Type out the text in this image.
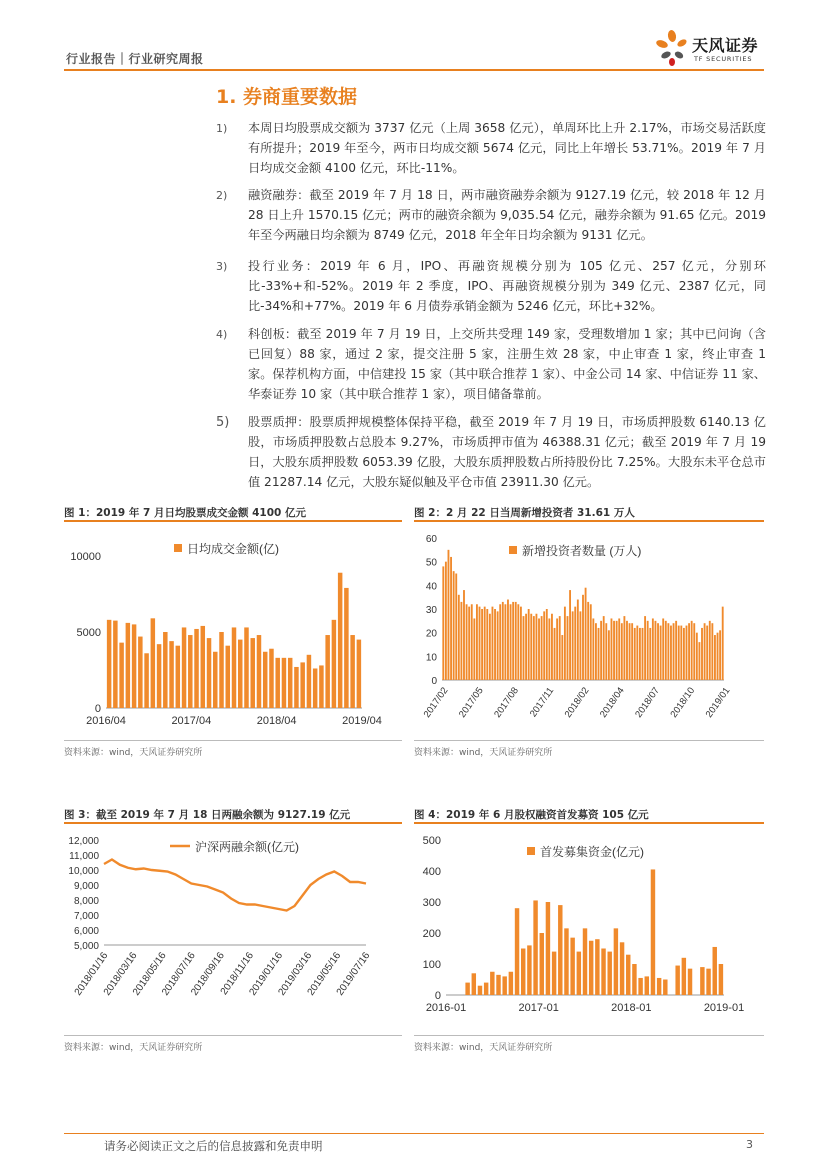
行业报告｜行业研究周报
天风证券
TF SECURITIES
1. 券商重要数据
1)	本周日均股票成交额为 3737 亿元（上周 3658 亿元），单周环比上升 2.17%，市场交易活跃度有所提升；2019 年至今，两市日均成交额 5674 亿元，同比上年增长 53.71%。2019 年 7 月日均成交金额 4100 亿元，环比-11%。
2)	融资融券：截至 2019 年 7 月 18 日，两市融资融券余额为 9127.19 亿元，较 2018 年 12 月 28 日上升 1570.15 亿元；两市的融资余额为 9,035.54 亿元，融券余额为 91.65 亿元。2019 年至今两融日均余额为 8749 亿元，2018 年全年日均余额为 9131 亿元。
3)	投行业务：2019 年 6 月，IPO、再融资规模分别为 105 亿元、257 亿元，分别环比-33%+和-52%。2019 年 2 季度，IPO、再融资规模分别为 349 亿元、2387 亿元，同比-34%和+77%。2019 年 6 月债券承销金额为 5246 亿元，环比+32%。
4)	科创板：截至 2019 年 7 月 19 日，上交所共受理 149 家，受理数增加 1 家；其中已问询（含已回复）88 家，通过 2 家，提交注册 5 家，注册生效 28 家，中止审查 1 家，终止审查 1 家。保荐机构方面，中信建投 15 家（其中联合推荐 1 家）、中金公司 14 家、中信证券 11 家、华泰证券 10 家（其中联合推荐 1 家），项目储备靠前。
5)	股票质押：股票质押规模整体保持平稳，截至 2019 年 7 月 19 日，市场质押股数 6140.13 亿股，市场质押股数占总股本 9.27%，市场质押市值为 46388.31 亿元；截至 2019 年 7 月 19 日，大股东质押股数 6053.39 亿股，大股东质押股数占所持股份比 7.25%。大股东未平仓总市值 21287.14 亿元，大股东疑似触及平仓市值 23911.30 亿元。
图 1：2019 年 7 月日均股票成交金额 4100 亿元
0
5000
10000
2016/04	2017/04	2018/04	2019/04
日均成交金额(亿)
资料来源：wind，天风证券研究所
图 2：2 月 22 日当周新增投资者 31.61 万人
0
10
20
30
40
50
60
2017/02 2017/05 2017/08 2017/11 2018/02 2018/04 2018/07 2018/10 2019/01
新增投资者数量 (万人)
资料来源：wind，天风证券研究所
图 3：截至 2019 年 7 月 18 日两融余额为 9127.19 亿元
5,000
6,000
7,000
8,000
9,000
10,000
11,000
12,000
2018/01/16
2018/03/16
2018/05/16
2018/07/16
2018/09/16
2018/11/16
2019/01/16
2019/03/16
2019/05/16
2019/07/16
沪深两融余额(亿元)
资料来源：wind，天风证券研究所
图 4：2019 年 6 月股权融资首发募资 105 亿元
0
100
200
300
400
500
2016-01	2017-01	2018-01	2019-01
首发募集资金(亿元)
资料来源：wind，天风证券研究所
请务必阅读正文之后的信息披露和免责申明	3
